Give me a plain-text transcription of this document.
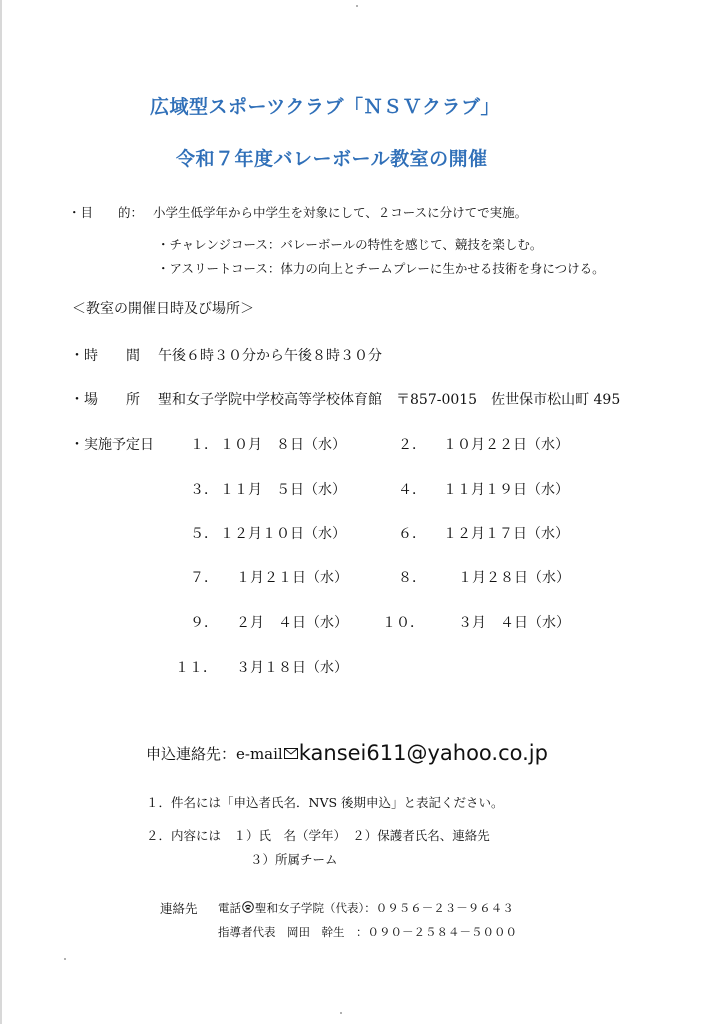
広域型スポーツクラブ「ＮＳＶクラブ」
令和７年度バレーボール教室の開催
・目　　的： 小学生低学年から中学生を対象にして、２コースに分けてで実施。
・チャレンジコース：バレーボールの特性を感じて、競技を楽しむ。
・アスリートコース：体力の向上とチームプレーに生かせる技術を身につける。
＜教室の開催日時及び場所＞
・時　　間 午後６時３０分から午後８時３０分
・場　　所 聖和女子学院中学校高等学校体育館　〒857-0015　佐世保市松山町 495
・実施予定日	１． １０月　８日（水）	２． １０月２２日（水）
３． １１月　５日（水）	４． １１月１９日（水）
５． １２月１０日（水）	６． １２月１７日（水）
７． １月２１日（水）	８． １月２８日（水）
９． ２月　４日（水） １０． ３月　４日（水）
１１． ３月１８日（水）
申込連絡先：e-mail kansei611@yahoo.co.jp
１．件名には「申込者氏名．NVS 後期申込」と表記ください。
２．内容には　１）氏　名（学年）　２）保護者氏名、連絡先
３）所属チーム
連絡先 電話 聖和女子学院（代表）：０９５６－２３－９６４３
指導者代表　岡田　幹生　：０９０－２５８４－５０００
